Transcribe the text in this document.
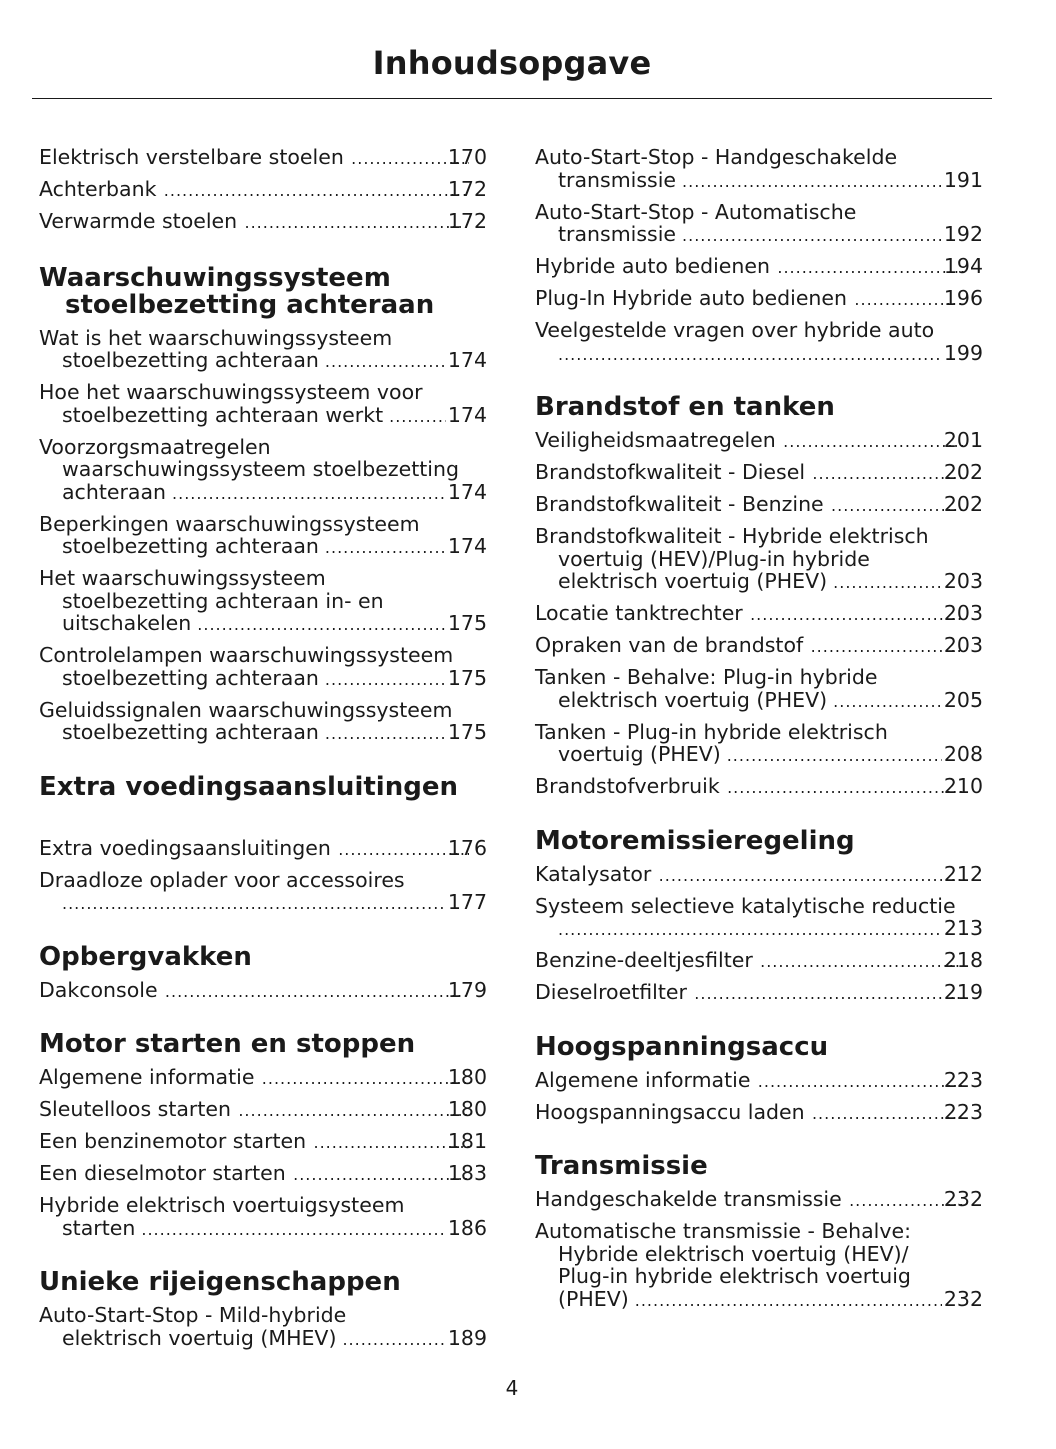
Inhoudsopgave
Elektrisch verstelbare stoelen .....	170
Achterbank .....	172
Verwarmde stoelen .....	172
Waarschuwingssysteem stoelbezetting achteraan
Wat is het waarschuwingssysteem
stoelbezetting achteraan .....	174
Hoe het waarschuwingssysteem voor
stoelbezetting achteraan werkt .....	174
Voorzorgsmaatregelen
waarschuwingssysteem stoelbezetting
achteraan .....	174
Beperkingen waarschuwingssysteem
stoelbezetting achteraan .....	174
Het waarschuwingssysteem
stoelbezetting achteraan in- en
uitschakelen .....	175
Controlelampen waarschuwingssysteem
stoelbezetting achteraan .....	175
Geluidssignalen waarschuwingssysteem
stoelbezetting achteraan .....	175
Extra voedingsaansluitingen
Extra voedingsaansluitingen .....	176
Draadloze oplader voor accessoires
.....
177
Opbergvakken
Dakconsole .....	179
Motor starten en stoppen
Algemene informatie .....	180
Sleutelloos starten .....	180
Een benzinemotor starten .....	181
Een dieselmotor starten .....	183
Hybride elektrisch voertuigsysteem
starten .....	186
Unieke rijeigenschappen
Auto-Start-Stop - Mild-hybride
elektrisch voertuig (MHEV) .....	189
Auto-Start-Stop - Handgeschakelde
transmissie .....	191
Auto-Start-Stop - Automatische
transmissie .....	192
Hybride auto bedienen .....	194
Plug-In Hybride auto bedienen .....	196
Veelgestelde vragen over hybride auto
.....
199
Brandstof en tanken
Veiligheidsmaatregelen .....	201
Brandstofkwaliteit - Diesel .....	202
Brandstofkwaliteit - Benzine .....	202
Brandstofkwaliteit - Hybride elektrisch
voertuig (HEV)/Plug-in hybride
elektrisch voertuig (PHEV) .....	203
Locatie tanktrechter .....	203
Opraken van de brandstof .....	203
Tanken - Behalve: Plug-in hybride
elektrisch voertuig (PHEV) .....	205
Tanken - Plug-in hybride elektrisch
voertuig (PHEV) .....	208
Brandstofverbruik .....	210
Motoremissieregeling
Katalysator .....	212
Systeem selectieve katalytische reductie
.....
213
Benzine-deeltjesfilter .....	218
Dieselroetfilter .....	219
Hoogspanningsaccu
Algemene informatie .....	223
Hoogspanningsaccu laden .....	223
Transmissie
Handgeschakelde transmissie .....	232
Automatische transmissie - Behalve:
Hybride elektrisch voertuig (HEV)/
Plug-in hybride elektrisch voertuig
(PHEV) .....	232
4
